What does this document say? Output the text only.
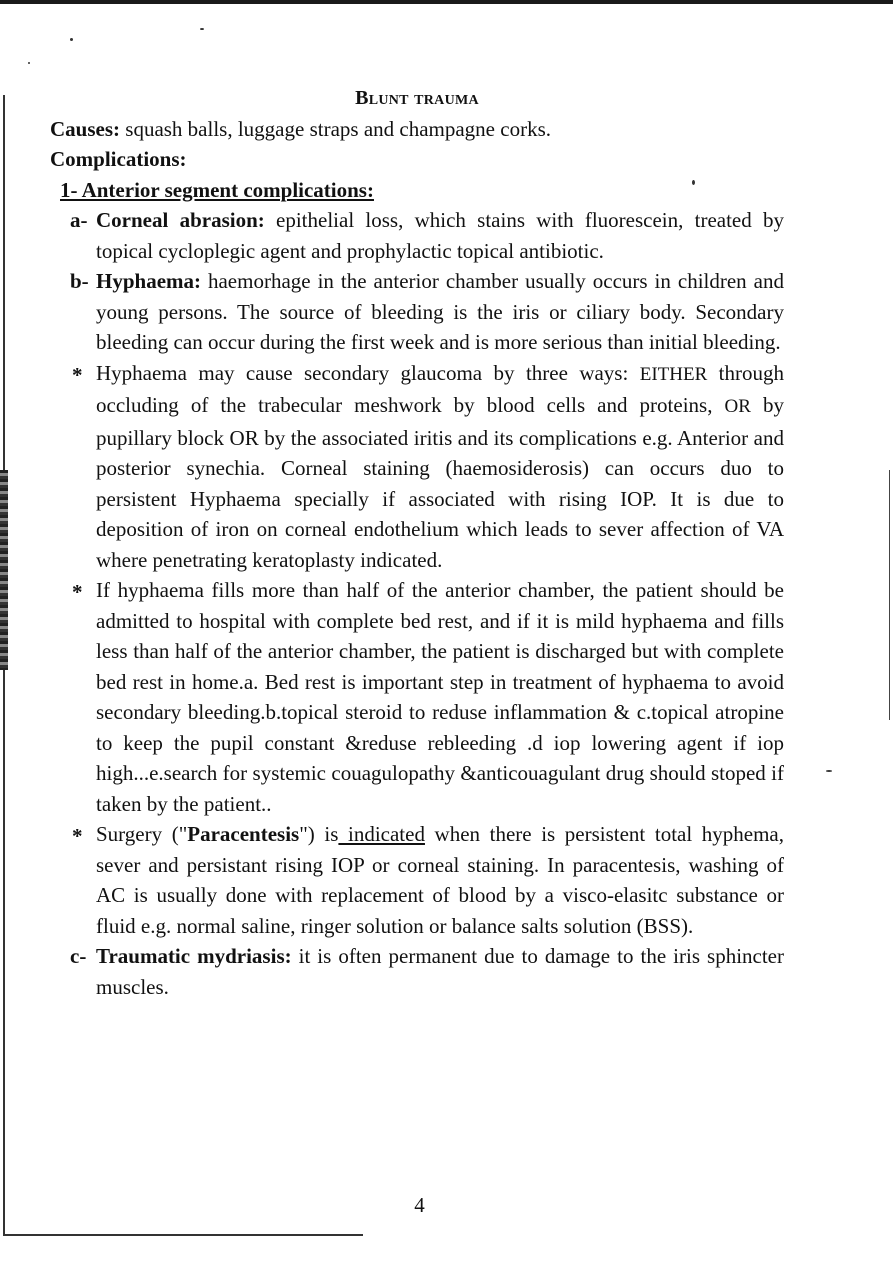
Blunt trauma

Causes: squash balls, luggage straps and champagne corks.

Complications:

1- Anterior segment complications:

a- Corneal abrasion: epithelial loss, which stains with fluorescein, treated by topical cycloplegic agent and prophylactic topical antibiotic.
b- Hyphaema: haemorhage in the anterior chamber usually occurs in children and young persons. The source of bleeding is the iris or ciliary body. Secondary bleeding can occur during the first week and is more serious than initial bleeding.
* Hyphaema may cause secondary glaucoma by three ways: EITHER through occluding of the trabecular meshwork by blood cells and proteins, OR by pupillary block OR by the associated iritis and its complications e.g. Anterior and posterior synechia. Corneal staining (haemosiderosis) can occurs duo to persistent Hyphaema specially if associated with rising IOP. It is due to deposition of iron on corneal endothelium which leads to sever affection of VA where penetrating keratoplasty indicated.
* If hyphaema fills more than half of the anterior chamber, the patient should be admitted to hospital with complete bed rest, and if it is mild hyphaema and fills less than half of the anterior chamber, the patient is discharged but with complete bed rest in home.a. Bed rest is important step in treatment of hyphaema to avoid secondary bleeding.b.topical steroid to reduse inflammation & c.topical atropine to keep the pupil constant &reduse rebleeding .d iop lowering agent if iop high...e.search for systemic couagulopathy &anticouagulant drug should stoped if taken by the patient..
* Surgery ("Paracentesis") is indicated when there is persistent total hyphema, sever and persistant rising IOP or corneal staining. In paracentesis, washing of AC is usually done with replacement of blood by a visco-elasitc substance or fluid e.g. normal saline, ringer solution or balance salts solution (BSS).
c- Traumatic mydriasis: it is often permanent due to damage to the iris sphincter muscles.
4
